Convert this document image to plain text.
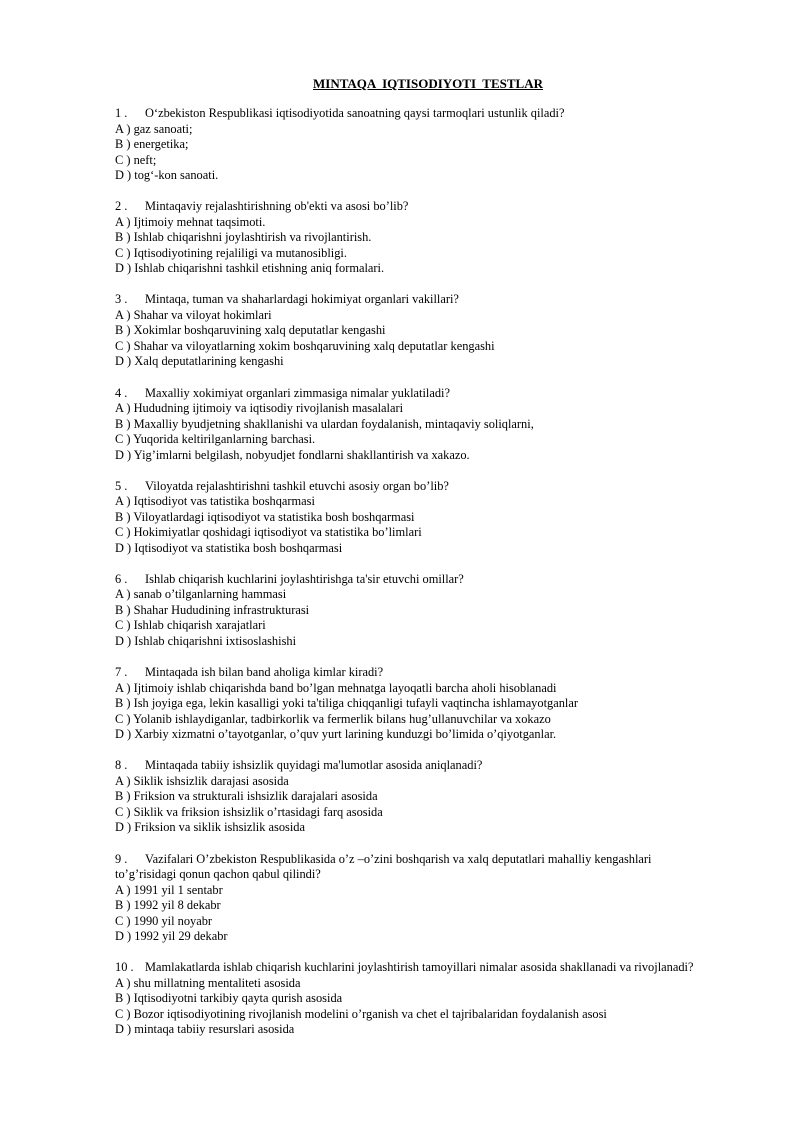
MINTAQA  IQTISODIYOTI  TESTLAR

1 . O‘zbekiston Respublikasi iqtisodiyotida sanoatning qaysi tarmoqlari ustunlik qiladi?

A ) gaz sanoati;

B ) energetika;

C ) neft;

D ) tog‘-kon sanoati.

2 . Mintaqaviy rejalashtirishning ob'ekti va asosi bo’lib?

A ) Ijtimoiy mehnat taqsimoti.

B ) Ishlab chiqarishni joylashtirish va rivojlantirish.

C ) Iqtisodiyotining rejaliligi va mutanosibligi.

D ) Ishlab chiqarishni tashkil etishning aniq formalari.

3 . Mintaqa, tuman va shaharlardagi hokimiyat organlari vakillari?

A ) Shahar va viloyat hokimlari

B ) Xokimlar boshqaruvining xalq deputatlar kengashi

C ) Shahar va viloyatlarning xokim boshqaruvining xalq deputatlar kengashi

D ) Xalq deputatlarining kengashi

4 . Maxalliy xokimiyat organlari zimmasiga nimalar yuklatiladi?

A ) Hududning ijtimoiy va iqtisodiy rivojlanish masalalari

B ) Maxalliy byudjetning shakllanishi va ulardan foydalanish, mintaqaviy soliqlarni,

C ) Yuqorida keltirilganlarning barchasi.

D ) Yig’imlarni belgilash, nobyudjet fondlarni shakllantirish va xakazo.

5 . Viloyatda rejalashtirishni tashkil etuvchi asosiy organ bo’lib?

A ) Iqtisodiyot vas tatistika boshqarmasi

B ) Viloyatlardagi iqtisodiyot va statistika bosh boshqarmasi

C ) Hokimiyatlar qoshidagi iqtisodiyot va statistika bo’limlari

D ) Iqtisodiyot va statistika bosh boshqarmasi

6 . Ishlab chiqarish kuchlarini joylashtirishga ta'sir etuvchi omillar?

A ) sanab o’tilganlarning hammasi

B ) Shahar Hududining infrastrukturasi

C ) Ishlab chiqarish xarajatlari

D ) Ishlab chiqarishni ixtisoslashishi

7 . Mintaqada ish bilan band aholiga kimlar kiradi?

A ) Ijtimoiy ishlab chiqarishda band bo’lgan mehnatga layoqatli barcha aholi hisoblanadi

B ) Ish joyiga ega, lekin kasalligi yoki ta'tiliga chiqqanligi tufayli vaqtincha ishlamayotganlar

C ) Yolanib ishlaydiganlar, tadbirkorlik va fermerlik bilans hug’ullanuvchilar va xokazo

D ) Xarbiy xizmatni o’tayotganlar, o’quv yurt larining kunduzgi bo’limida o’qiyotganlar.

8 . Mintaqada tabiiy ishsizlik quyidagi ma'lumotlar asosida aniqlanadi?

A ) Siklik ishsizlik darajasi asosida

B ) Friksion va strukturali ishsizlik darajalari asosida

C ) Siklik va friksion ishsizlik o’rtasidagi farq asosida

D ) Friksion va siklik ishsizlik asosida

9 . Vazifalari O’zbekiston Respublikasida o’z –o’zini boshqarish va xalq deputatlari mahalliy kengashlari to’g’risidagi qonun qachon qabul qilindi?

A ) 1991 yil 1 sentabr

B ) 1992 yil 8 dekabr

C ) 1990 yil noyabr

D ) 1992 yil 29 dekabr

10 . Mamlakatlarda ishlab chiqarish kuchlarini joylashtirish tamoyillari nimalar asosida shakllanadi va rivojlanadi?

A ) shu millatning mentaliteti asosida

B ) Iqtisodiyotni tarkibiy qayta qurish asosida

C ) Bozor iqtisodiyotining rivojlanish modelini o’rganish va chet el tajribalaridan foydalanish asosi

D ) mintaqa tabiiy resurslari asosida
